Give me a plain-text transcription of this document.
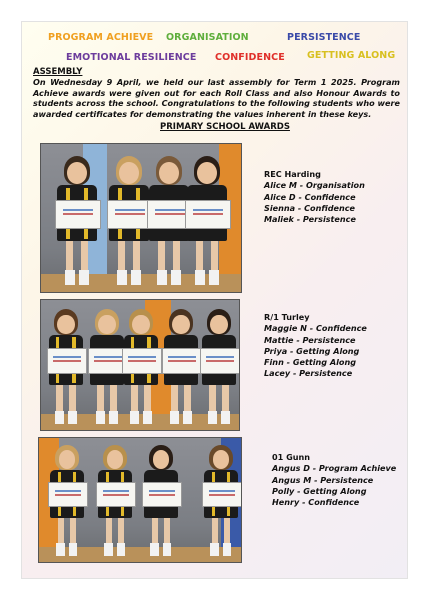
PROGRAM ACHIEVE ORGANISATION	PERSISTENCE
EMOTIONAL RESILIENCE CONFIDENCE GETTING ALONG
ASSEMBLY

On Wednesday 9 April, we held our last assembly for Term 1 2025. Program Achieve awards were given out for each Roll Class and also Honour Awards to students across the school. Congratulations to the following students who were awarded certificates for demonstrating the values inherent in these keys.

PRIMARY SCHOOL AWARDS
REC Harding
Alice M - Organisation
Alice D - Confidence
Sienna - Confidence
Maliek - Persistence
R/1 Turley
Maggie N - Confidence
Mattie - Persistence
Priya - Getting Along
Finn - Getting Along
Lacey - Persistence
01 Gunn
Angus D - Program Achieve
Angus M - Persistence
Polly - Getting Along
Henry - Confidence
